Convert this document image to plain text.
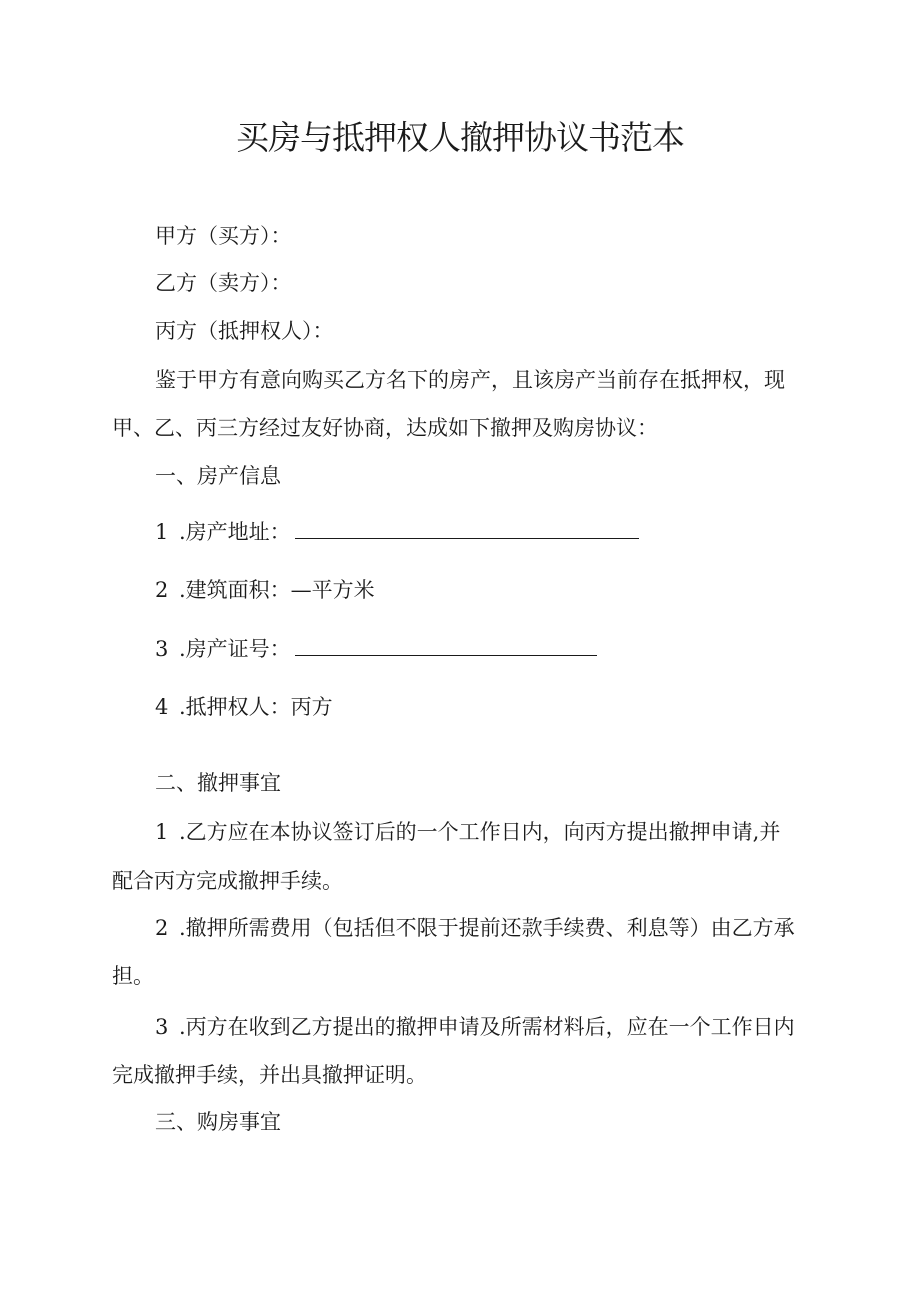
买房与抵押权人撤押协议书范本

甲方（买方）：

乙方（卖方）：

丙方（抵押权人）：

鉴于甲方有意向购买乙方名下的房产，且该房产当前存在抵押权，现

甲、乙、丙三方经过友好协商，达成如下撤押及购房协议：

一、房产信息

1 .房产地址：

2 .建筑面积：—平方米

3 .房产证号：

4 .抵押权人：丙方

二、撤押事宜

1 .乙方应在本协议签订后的一个工作日内，向丙方提出撤押申请,并

配合丙方完成撤押手续。

2 .撤押所需费用（包括但不限于提前还款手续费、利息等）由乙方承

担。

3 .丙方在收到乙方提出的撤押申请及所需材料后，应在一个工作日内

完成撤押手续，并出具撤押证明。

三、购房事宜
